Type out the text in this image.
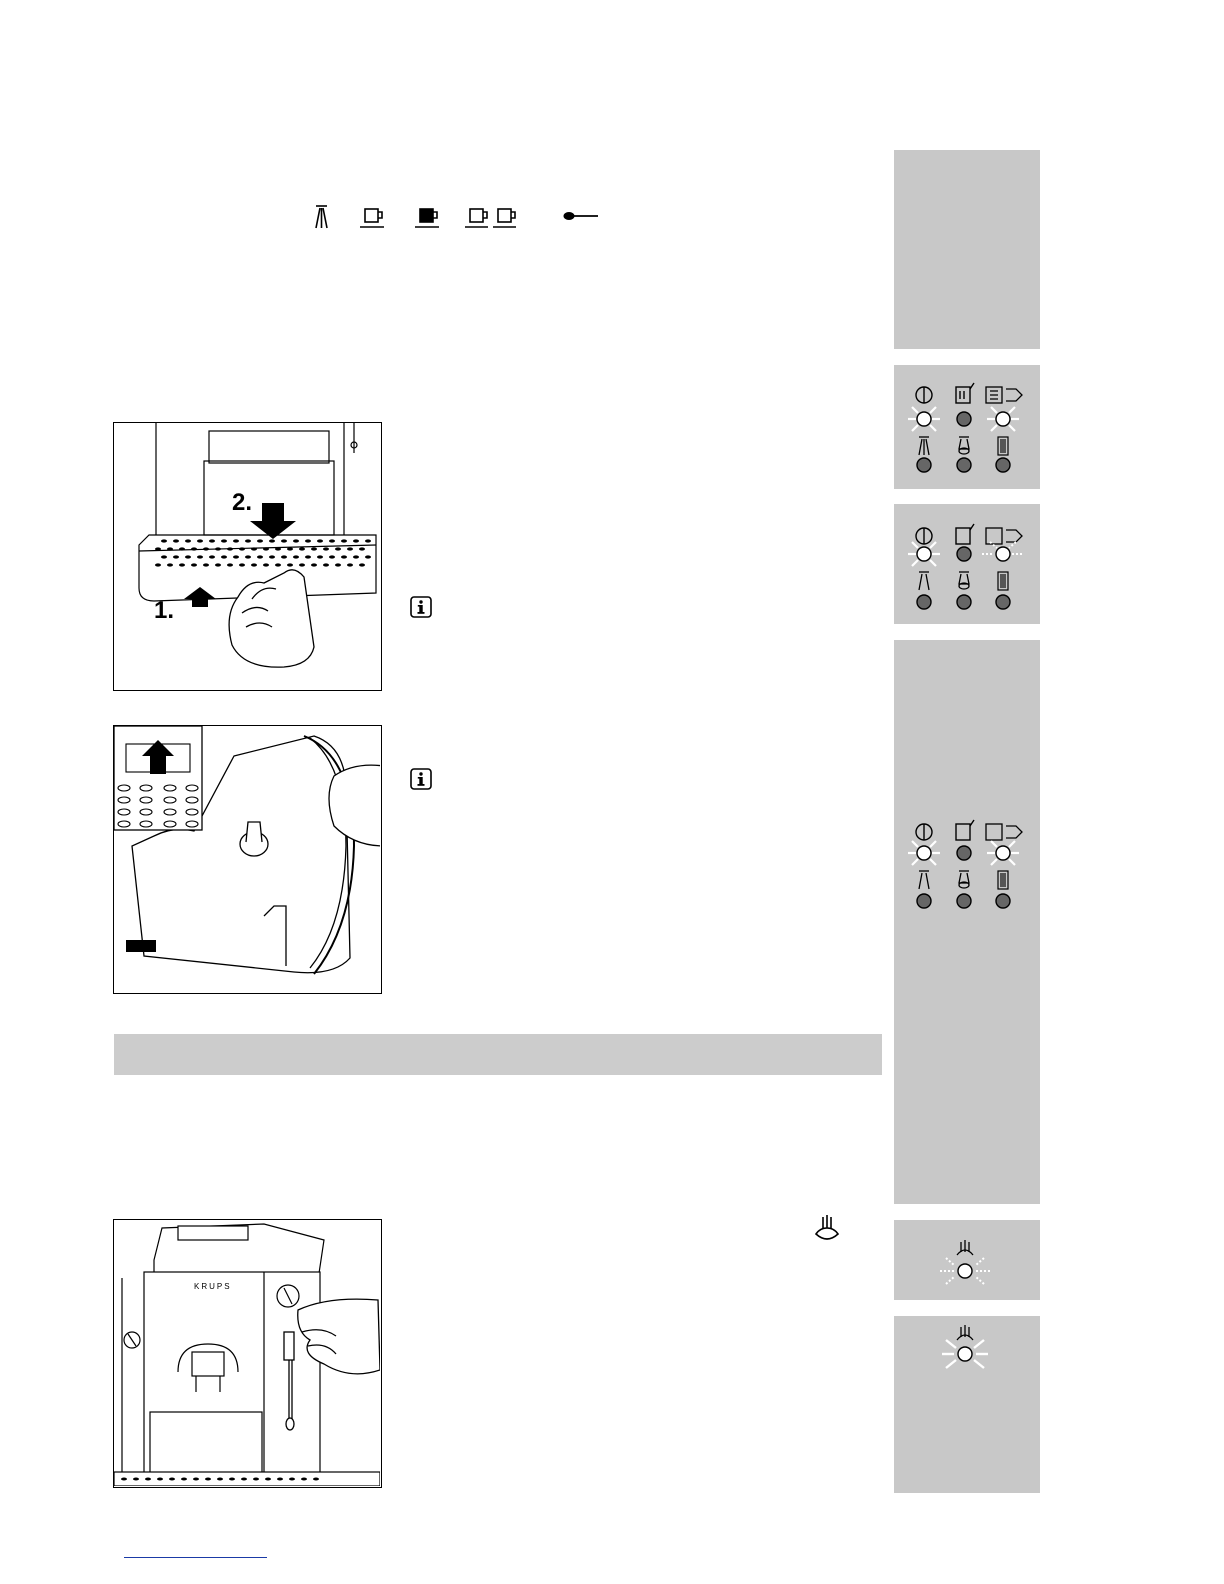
2.
1.
KRUPS
